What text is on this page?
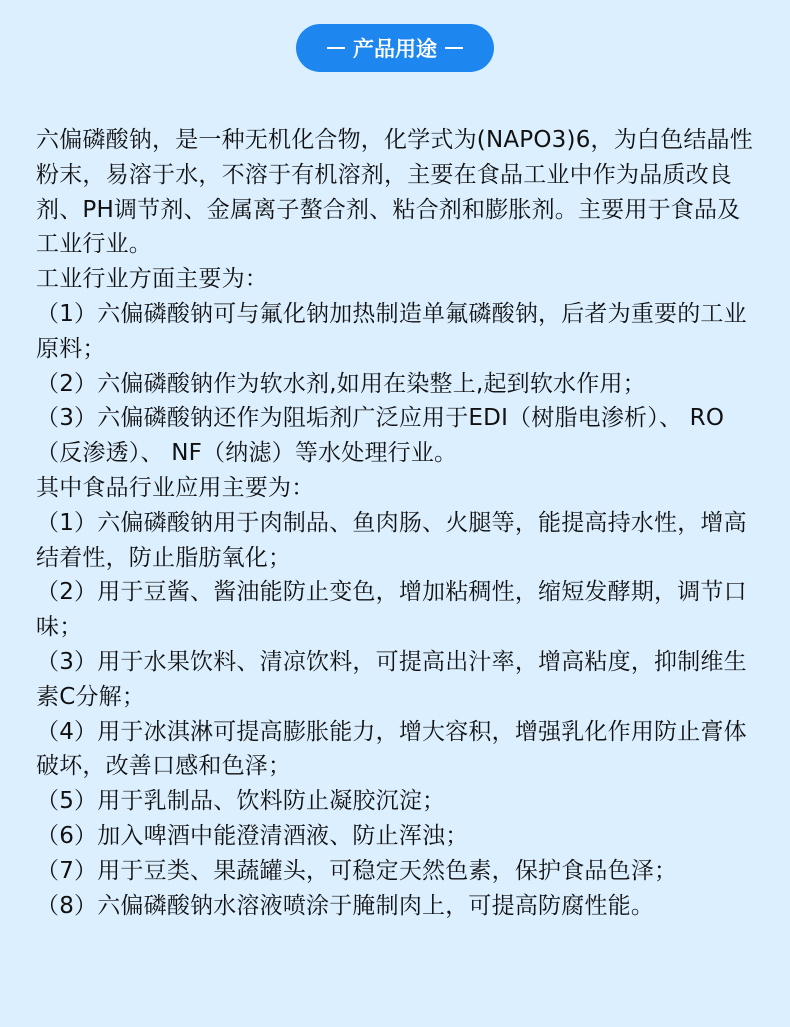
产品用途

六偏磷酸钠，是一种无机化合物，化学式为(NAPO3)6，为白色结晶性粉末，易溶于水，不溶于有机溶剂，主要在食品工业中作为品质改良剂、PH调节剂、金属离子螯合剂、粘合剂和膨胀剂。主要用于食品及工业行业。

工业行业方面主要为：

（1）六偏磷酸钠可与氟化钠加热制造单氟磷酸钠，后者为重要的工业原料；

（2）六偏磷酸钠作为软水剂,如用在染整上,起到软水作用；

（3）六偏磷酸钠还作为阻垢剂广泛应用于EDI（树脂电渗析）、 RO（反渗透）、 NF（纳滤）等水处理行业。

其中食品行业应用主要为：

（1）六偏磷酸钠用于肉制品、鱼肉肠、火腿等，能提高持水性，增高结着性，防止脂肪氧化；

（2）用于豆酱、酱油能防止变色，增加粘稠性，缩短发酵期，调节口味；

（3）用于水果饮料、清凉饮料，可提高出汁率，增高粘度，抑制维生素C分解；

（4）用于冰淇淋可提高膨胀能力，增大容积，增强乳化作用防止膏体破坏，改善口感和色泽；

（5）用于乳制品、饮料防止凝胶沉淀；

（6）加入啤酒中能澄清酒液、防止浑浊；

（7）用于豆类、果蔬罐头，可稳定天然色素，保护食品色泽；

（8）六偏磷酸钠水溶液喷涂于腌制肉上，可提高防腐性能。
